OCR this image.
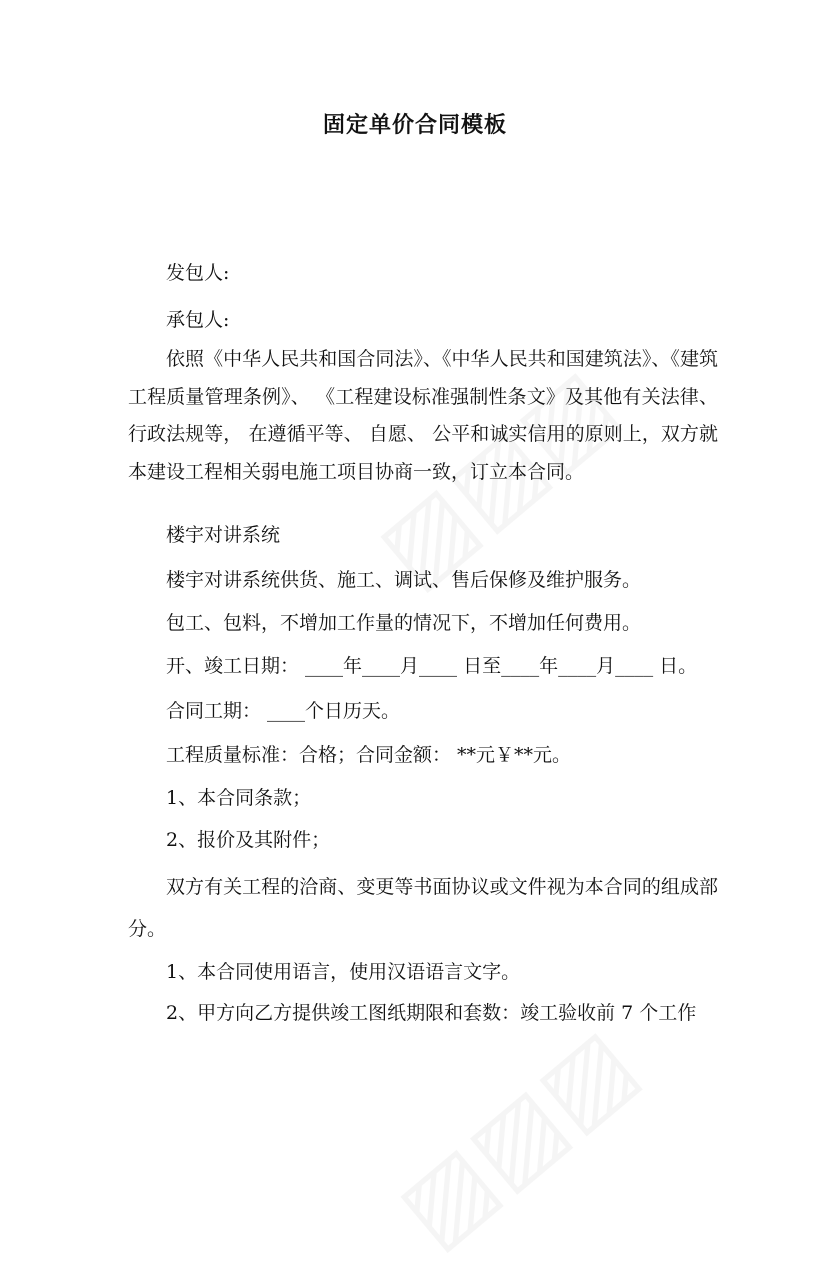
固定单价合同模板

发包人:

承包人:

依照《中华人民共和国合同法》、《中华人民共和国建筑法》、《建筑工程质量管理条例》、 《工程建设标准强制性条文》及其他有关法律、 行政法规等， 在遵循平等、 自愿、 公平和诚实信用的原则上，双方就本建设工程相关弱电施工项目协商一致，订立本合同。

楼宇对讲系统

楼宇对讲系统供货、施工、调试、售后保修及维护服务。

包工、包料，不增加工作量的情况下，不增加任何费用。

开、竣工日期： ____年____月____ 日至____年____月____ 日。

合同工期： ____个日历天。

工程质量标准：合格；合同金额： **元￥**元。

1、本合同条款；

2、报价及其附件；

双方有关工程的洽商、变更等书面协议或文件视为本合同的组成部分。

1、本合同使用语言，使用汉语语言文字。

2、甲方向乙方提供竣工图纸期限和套数：竣工验收前 7 个工作
